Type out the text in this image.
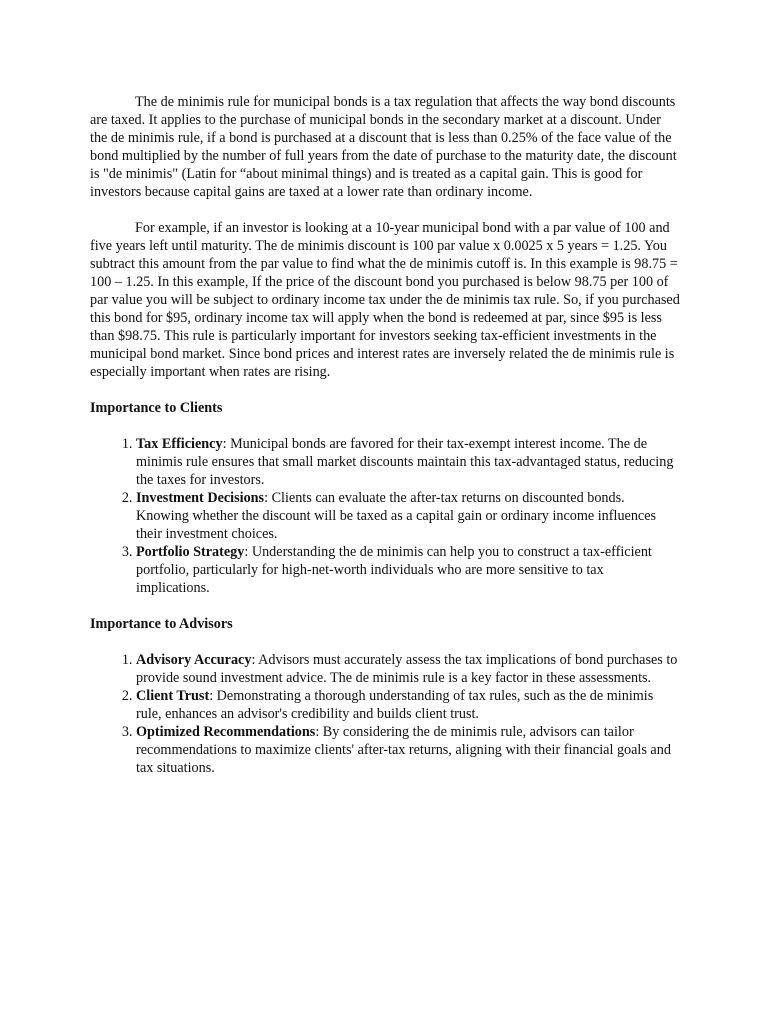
The de minimis rule for municipal bonds is a tax regulation that affects the way bond discounts are taxed. It applies to the purchase of municipal bonds in the secondary market at a discount. Under the de minimis rule, if a bond is purchased at a discount that is less than 0.25% of the face value of the bond multiplied by the number of full years from the date of purchase to the maturity date, the discount is "de minimis" (Latin for “about minimal things) and is treated as a capital gain. This is good for investors because capital gains are taxed at a lower rate than ordinary income.

For example, if an investor is looking at a 10-year municipal bond with a par value of 100 and five years left until maturity. The de minimis discount is 100 par value x 0.0025 x 5 years = 1.25. You subtract this amount from the par value to find what the de minimis cutoff is. In this example is 98.75 = 100 – 1.25. In this example, If the price of the discount bond you purchased is below 98.75 per 100 of par value you will be subject to ordinary income tax under the de minimis tax rule. So, if you purchased this bond for $95, ordinary income tax will apply when the bond is redeemed at par, since $95 is less than $98.75. This rule is particularly important for investors seeking tax-efficient investments in the municipal bond market. Since bond prices and interest rates are inversely related the de minimis rule is especially important when rates are rising.

Importance to Clients

1. Tax Efficiency: Municipal bonds are favored for their tax-exempt interest income. The de minimis rule ensures that small market discounts maintain this tax-advantaged status, reducing the taxes for investors.
2. Investment Decisions: Clients can evaluate the after-tax returns on discounted bonds. Knowing whether the discount will be taxed as a capital gain or ordinary income influences their investment choices.
3. Portfolio Strategy: Understanding the de minimis can help you to construct a tax-efficient portfolio, particularly for high-net-worth individuals who are more sensitive to tax implications.

Importance to Advisors

1. Advisory Accuracy: Advisors must accurately assess the tax implications of bond purchases to provide sound investment advice. The de minimis rule is a key factor in these assessments.
2. Client Trust: Demonstrating a thorough understanding of tax rules, such as the de minimis rule, enhances an advisor's credibility and builds client trust.
3. Optimized Recommendations: By considering the de minimis rule, advisors can tailor recommendations to maximize clients' after-tax returns, aligning with their financial goals and tax situations.
